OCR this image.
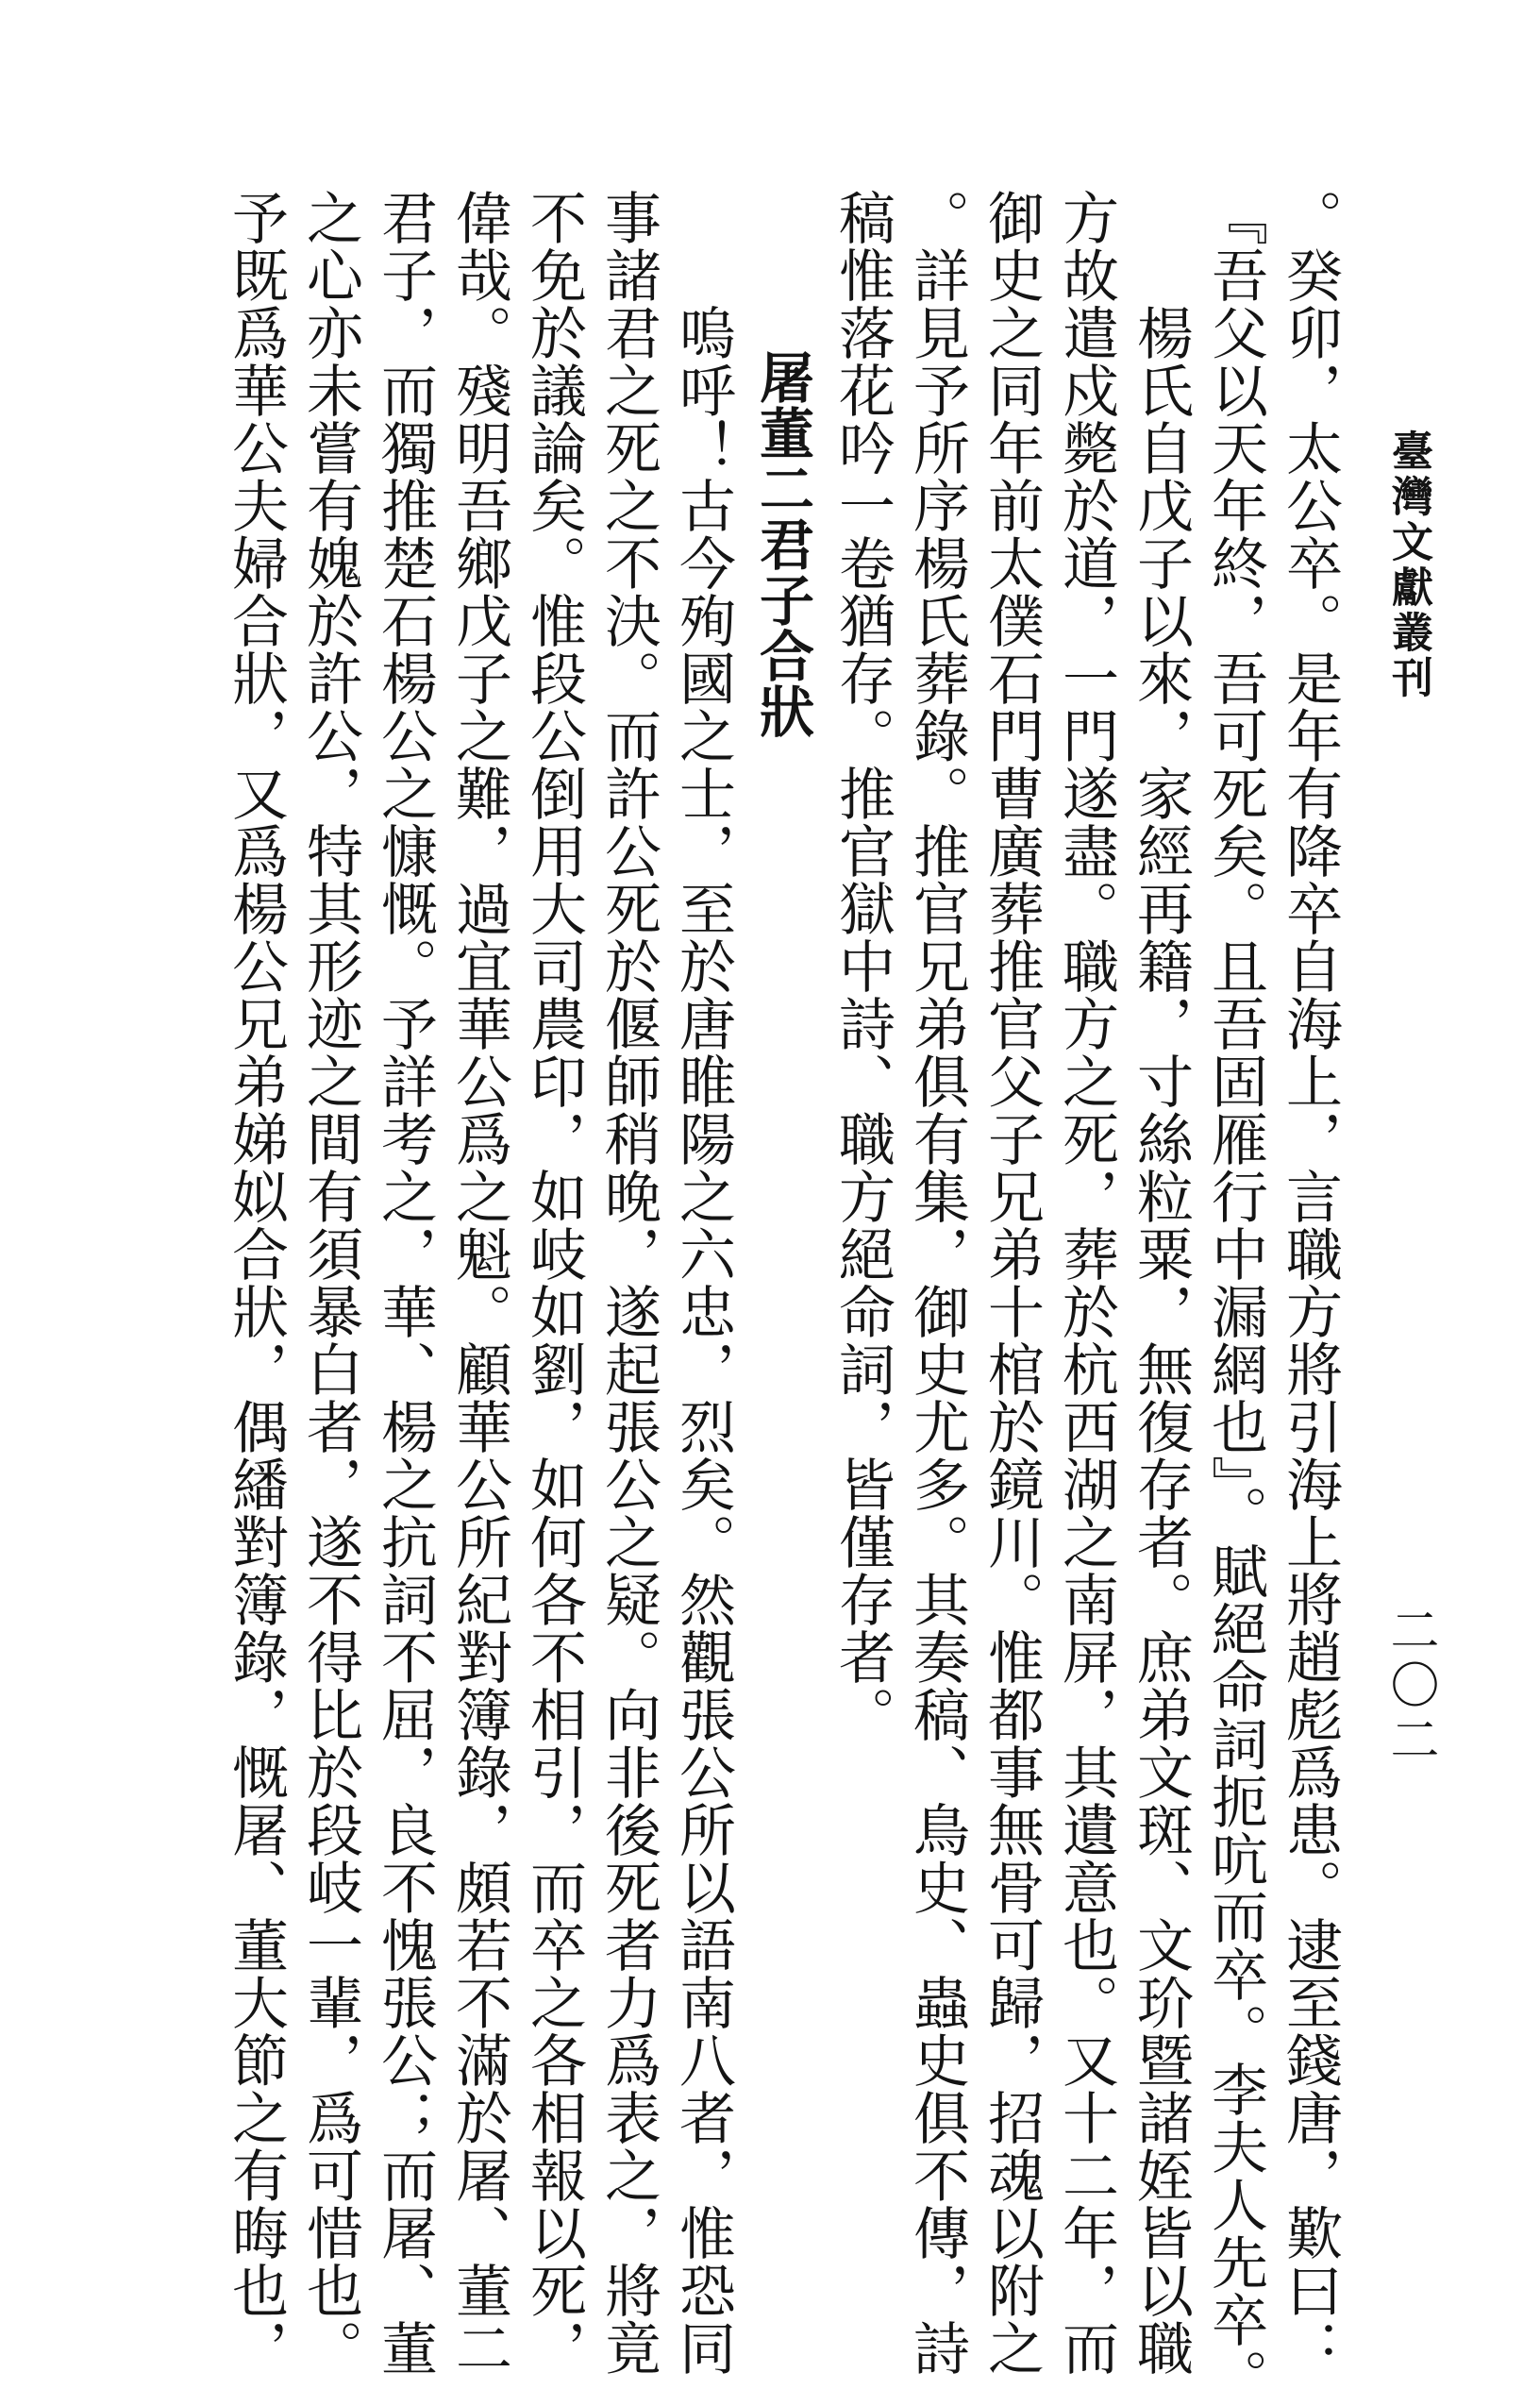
臺灣文獻叢刊
二〇二

。癸卯，太公卒。是年有降卒自海上，言職方將引海上將趙彪爲患。逮至錢唐，歎曰：

『吾父以天年終，吾可死矣。且吾固雁行中漏網也』。賦絕命詞扼吭而卒。李夫人先卒。

　　楊氏自戊子以來，家經再籍，寸絲粒粟，無復存者。庶弟文斑、文玠暨諸姪皆以職

方故遣戍斃於道，一門遂盡。職方之死，葬於杭西湖之南屏，其遺意也。又十二年，而

御史之同年前太僕石門曹廣葬推官父子兄弟十棺於鏡川。惟都事無骨可歸，招魂以附之

。詳見予所序楊氏葬錄。推官兄弟俱有集，御史尤多。其奏稿、鳥史、蟲史俱不傳，詩

稿惟落花吟一卷猶存。推官獄中詩、職方絕命詞，皆僅存者。

屠董二君子合狀

　　嗚呼！古今殉國之士，至於唐睢陽之六忠，烈矣。然觀張公所以語南八者，惟恐同

事諸君之死之不決。而許公死於偃師稍晚，遂起張公之疑。向非後死者力爲表之，將竟

不免於議論矣。惟段公倒用大司農印，如岐如劉，如何各不相引，而卒之各相報以死，

偉哉。殘明吾鄉戊子之難，過宜華公爲之魁。顧華公所紀對簿錄，頗若不滿於屠、董二

君子，而獨推楚石楊公之慷慨。予詳考之，華、楊之抗詞不屈，良不愧張公；而屠、董

之心亦未嘗有媿於許公，特其形迹之間有須暴白者，遂不得比於段岐一輩，爲可惜也。

予既爲華公夫婦合狀，又爲楊公兄弟娣姒合狀，偶繙對簿錄，慨屠、董大節之有晦也，
